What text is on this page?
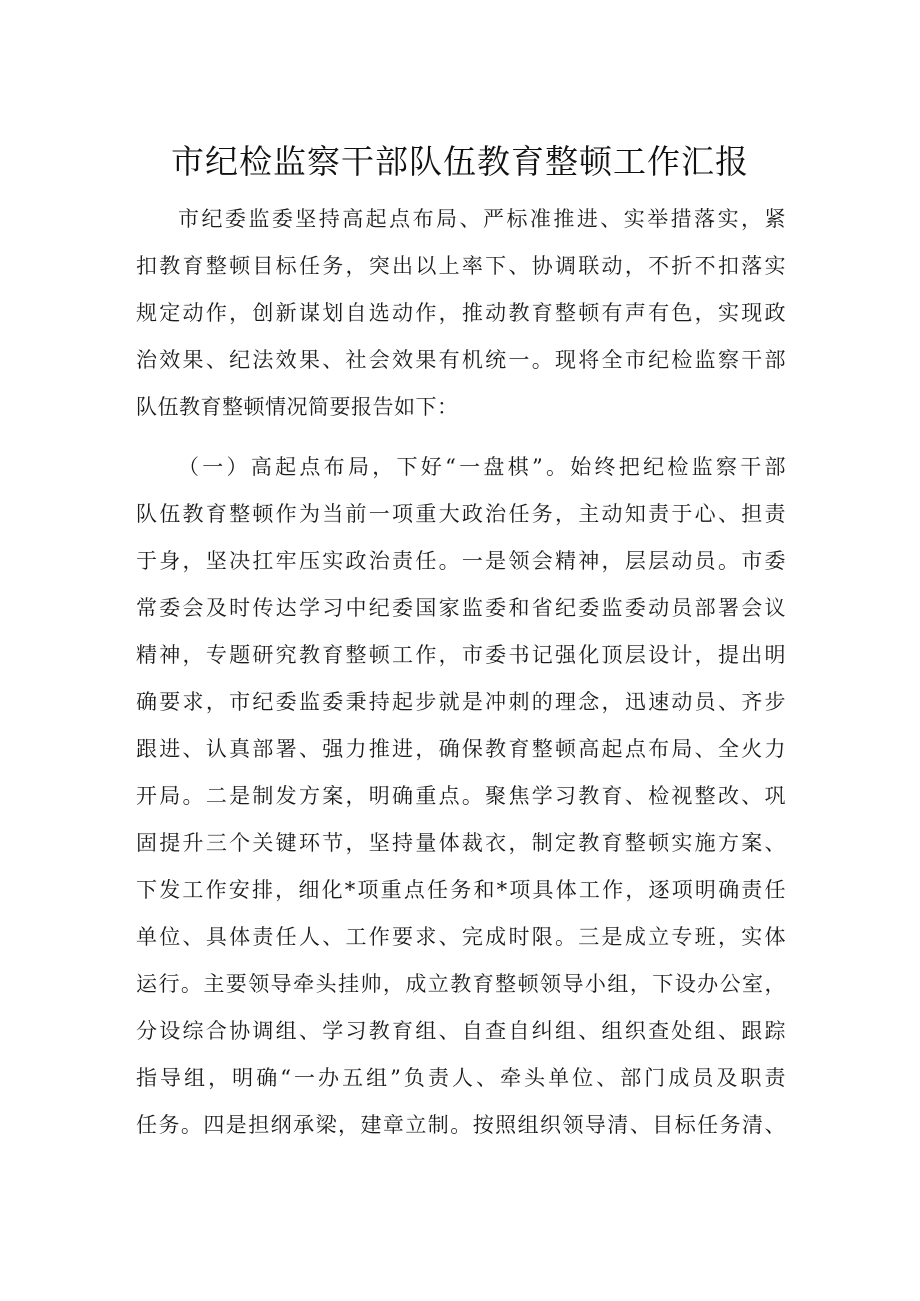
市纪检监察干部队伍教育整顿工作汇报
市纪委监委坚持高起点布局、严标准推进、实举措落实，紧
扣教育整顿目标任务，突出以上率下、协调联动，不折不扣落实
规定动作，创新谋划自选动作，推动教育整顿有声有色，实现政
治效果、纪法效果、社会效果有机统一。现将全市纪检监察干部
队伍教育整顿情况简要报告如下：
（一）高起点布局，下好“一盘棋”。始终把纪检监察干部
队伍教育整顿作为当前一项重大政治任务，主动知责于心、担责
于身，坚决扛牢压实政治责任。一是领会精神，层层动员。市委
常委会及时传达学习中纪委国家监委和省纪委监委动员部署会议
精神，专题研究教育整顿工作，市委书记强化顶层设计，提出明
确要求，市纪委监委秉持起步就是冲刺的理念，迅速动员、齐步
跟进、认真部署、强力推进，确保教育整顿高起点布局、全火力
开局。二是制发方案，明确重点。聚焦学习教育、检视整改、巩
固提升三个关键环节，坚持量体裁衣，制定教育整顿实施方案、
下发工作安排，细化*项重点任务和*项具体工作，逐项明确责任
单位、具体责任人、工作要求、完成时限。三是成立专班，实体
运行。主要领导牵头挂帅，成立教育整顿领导小组，下设办公室，
分设综合协调组、学习教育组、自查自纠组、组织查处组、跟踪
指导组，明确“一办五组”负责人、牵头单位、部门成员及职责
任务。四是担纲承梁，建章立制。按照组织领导清、目标任务清、
